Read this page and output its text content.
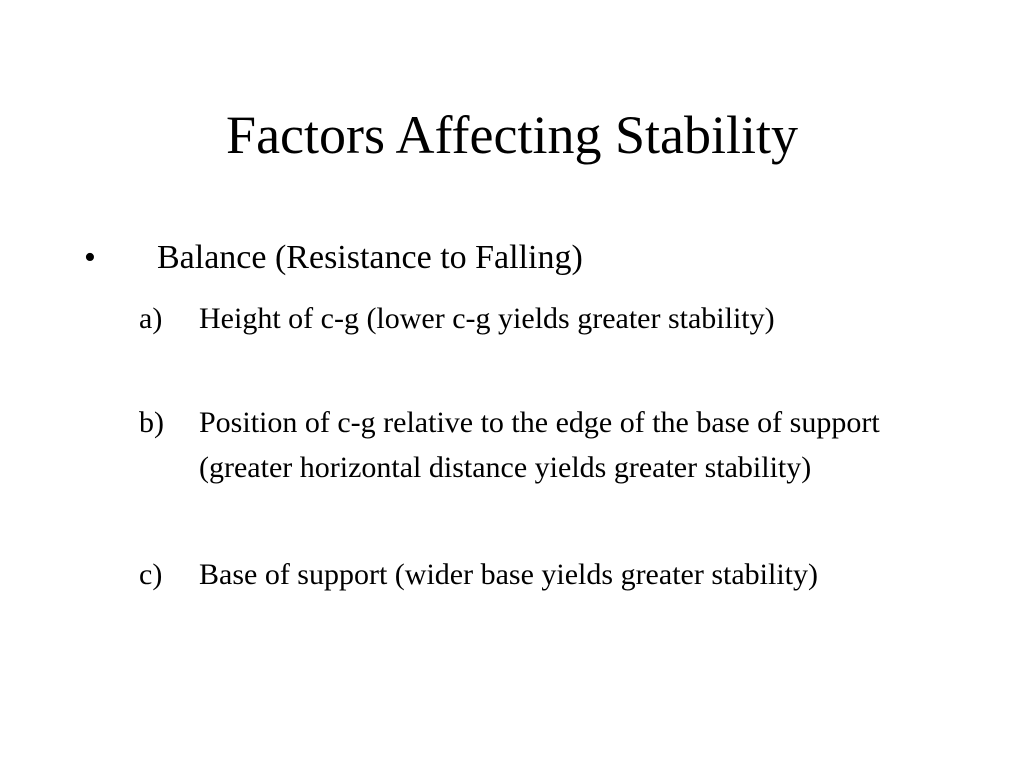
Factors Affecting Stability
• Balance (Resistance to Falling)
a) Height of c-g (lower c-g yields greater stability)
b) Position of c-g relative to the edge of the base of support (greater horizontal distance yields greater stability)
c) Base of support (wider base yields greater stability)
